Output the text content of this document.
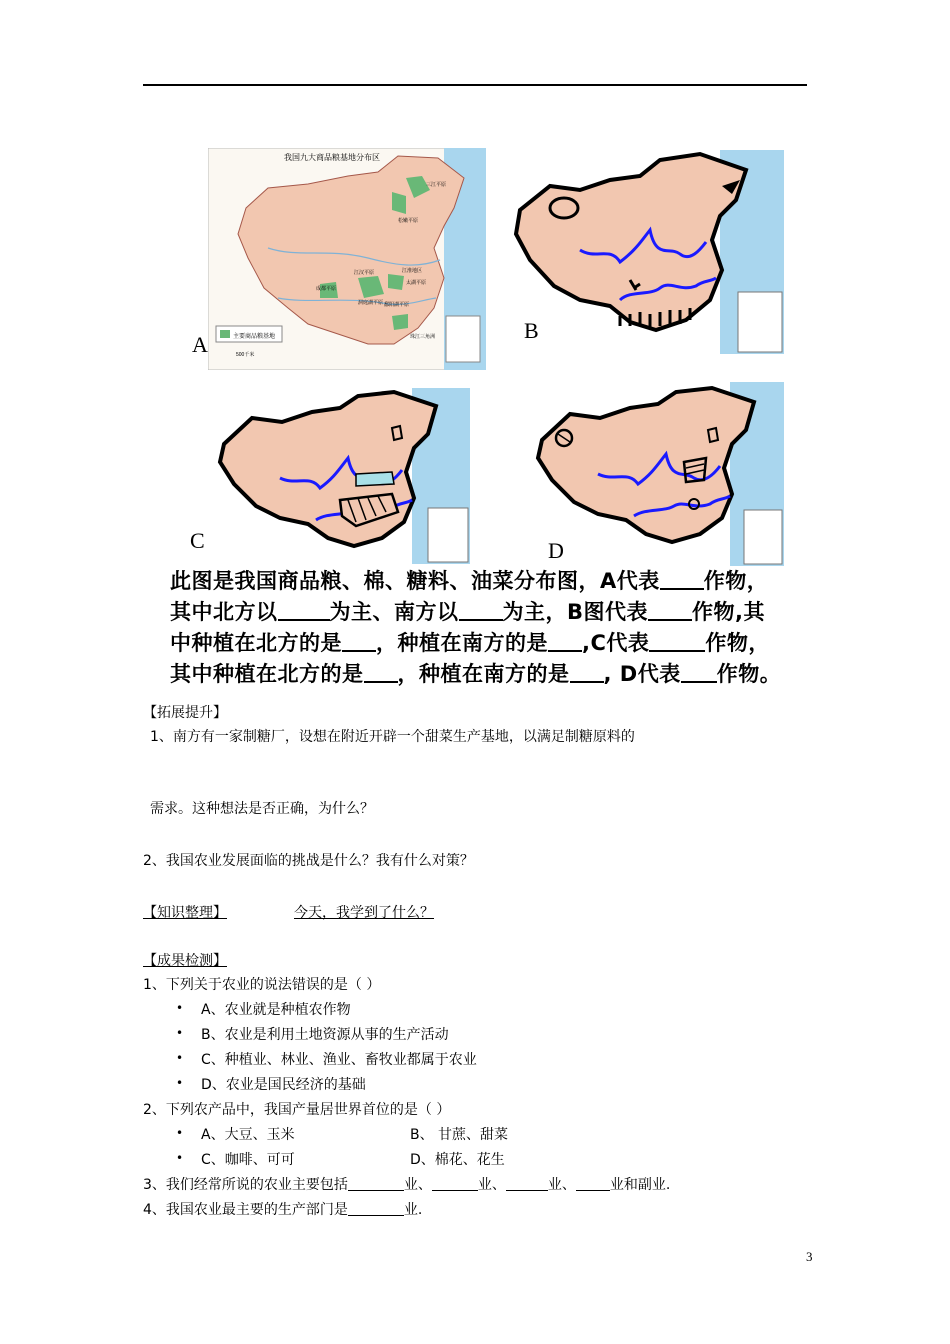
主要商品粮基地
我国九大商品粮基地分布区
三江平原
松嫩平原
江汉平原
鄱阳湖平原
成都平原
洞庭湖平原
太湖平原
江淮地区
珠江三角洲
500千米
A
B
C	D
此图是我国商品粮、棉、糖料、油菜分布图，A代表 作物，
其中北方以 为主、南方以 为主，B图代表 作物,其
中种植在北方的是 ，种植在南方的是 ,C代表	作物，
其中种植在北方的是 ，种植在南方的是 , D代表 作物。
【拓展提升】
1、南方有一家制糖厂，设想在附近开辟一个甜菜生产基地，以满足制糖原料的
需求。这种想法是否正确，为什么？
2、我国农业发展面临的挑战是什么？我有什么对策？
【知识整理】	今天，我学到了什么？
【成果检测】
1、下列关于农业的说法错误的是（ ）
• A、农业就是种植农作物
• B、农业是利用土地资源从事的生产活动
• C、种植业、林业、渔业、畜牧业都属于农业
• D、农业是国民经济的基础
2、下列农产品中，我国产量居世界首位的是（ ）
• A、大豆、玉米	B、 甘蔗、甜菜
• C、咖啡、可可	D、棉花、花生
3、我们经常所说的农业主要包括	业、	业、	业、 业和副业.
4、我国农业最主要的生产部门是	业.
3
